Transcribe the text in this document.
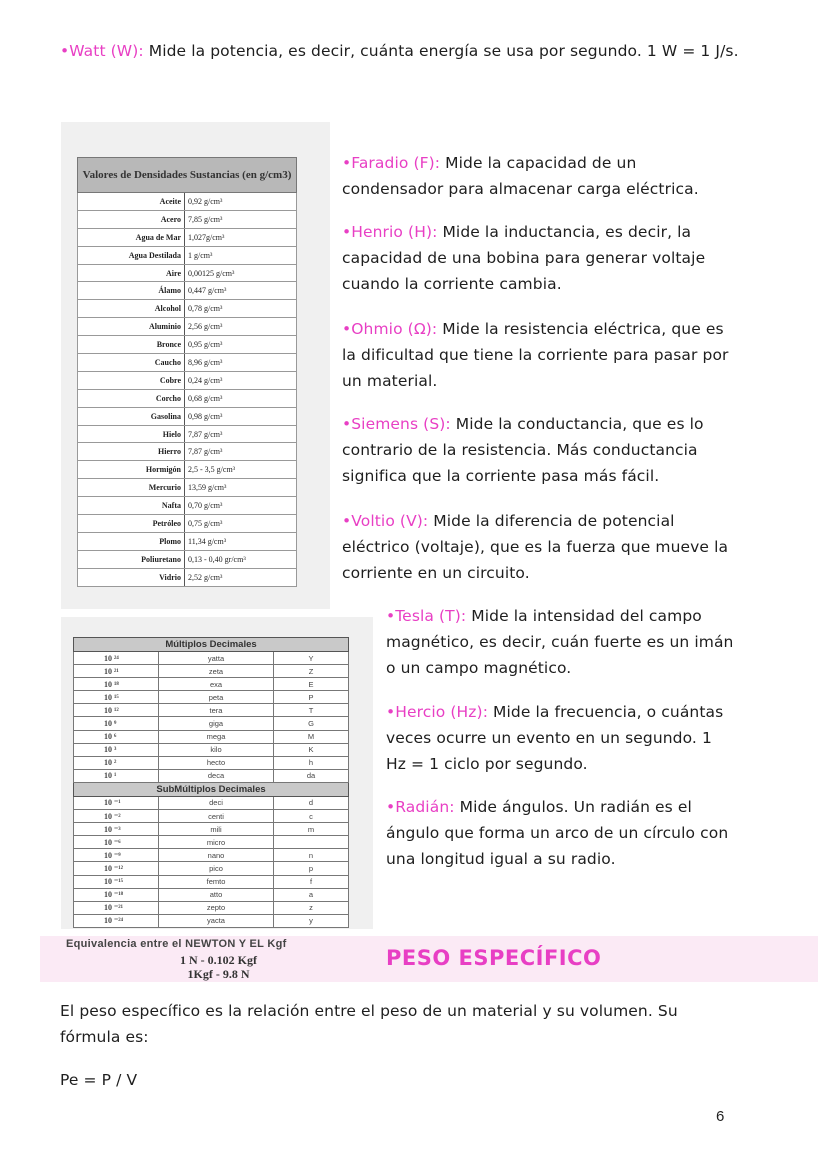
•Watt (W): Mide la potencia, es decir, cuánta energía se usa por segundo. 1 W = 1 J/s.
Valores de Densidades Sustancias (en g/cm3)	
Aceite	0,92 g/cm³
Acero	7,85 g/cm³
Agua de Mar	1,027g/cm³
Agua Destilada	1 g/cm³
Aire	0,00125 g/cm³
Álamo	0,447 g/cm³
Alcohol	0,78 g/cm³
Aluminio	2,56 g/cm³
Bronce	0,95 g/cm³
Caucho	8,96 g/cm³
Cobre	0,24 g/cm³
Corcho	0,68 g/cm³
Gasolina	0,98 g/cm³
Hielo	7,87 g/cm³
Hierro	7,87 g/cm³
Hormigón	2,5 - 3,5 g/cm³
Mercurio	13,59 g/cm³
Nafta	0,70 g/cm³
Petróleo	0,75 g/cm³
Plomo	11,34 g/cm³
Poliuretano	0,13 - 0,40 gr/cm³
Vidrio	2,52 g/cm³
Múltiplos Decimales		
10 ²⁴	yatta	Y
10 ²¹	zeta	Z
10 ¹⁸	exa	E
10 ¹⁵	peta	P
10 ¹²	tera	T
10 ⁹	giga	G
10 ⁶	mega	M
10 ³	kilo	K
10 ²	hecto	h
10 ¹	deca	da
SubMúltiplos Decimales		
10 ⁻¹	deci	d
10 ⁻²	centi	c
10 ⁻³	mili	m
10 ⁻⁶	micro	
10 ⁻⁹	nano	n
10 ⁻¹²	pico	p
10 ⁻¹⁵	femto	f
10 ⁻¹⁸	atto	a
10 ⁻²¹	zepto	z
10 ⁻²⁴	yacta	y
•Faradio (F): Mide la capacidad de un condensador para almacenar carga eléctrica.
•Henrio (H): Mide la inductancia, es decir, la capacidad de una bobina para generar voltaje cuando la corriente cambia.
•Ohmio (Ω): Mide la resistencia eléctrica, que es la dificultad que tiene la corriente para pasar por un material.
•Siemens (S): Mide la conductancia, que es lo contrario de la resistencia. Más conductancia significa que la corriente pasa más fácil.
•Voltio (V): Mide la diferencia de potencial eléctrico (voltaje), que es la fuerza que mueve la corriente en un circuito.
•Tesla (T): Mide la intensidad del campo magnético, es decir, cuán fuerte es un imán o un campo magnético.
•Hercio (Hz): Mide la frecuencia, o cuántas veces ocurre un evento en un segundo. 1 Hz = 1 ciclo por segundo.
•Radián: Mide ángulos. Un radián es el ángulo que forma un arco de un círculo con una longitud igual a su radio.
Equivalencia entre el NEWTON Y EL Kgf
1 N - 0.102 Kgf
1Kgf - 9.8 N
PESO ESPECÍFICO
El peso específico es la relación entre el peso de un material y su volumen. Su fórmula es:
Pe = P / V
6
